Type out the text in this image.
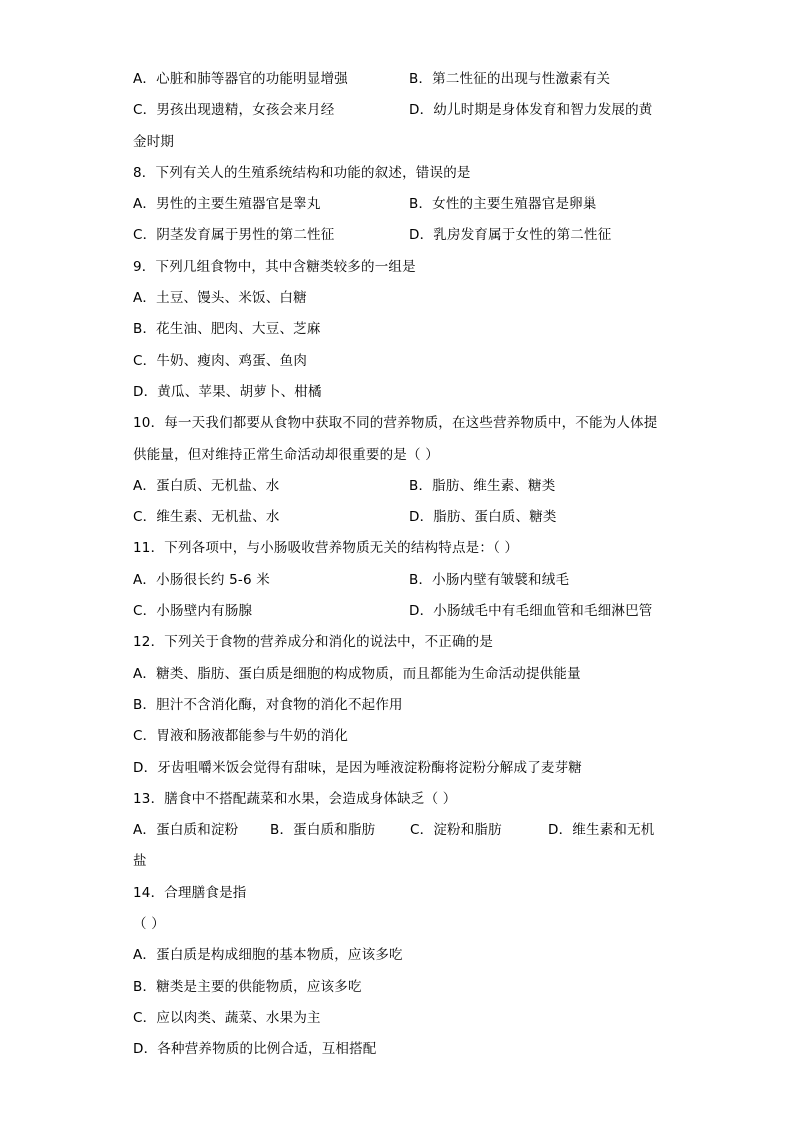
A．心脏和肺等器官的功能明显增强	B．第二性征的出现与性激素有关
C．男孩出现遗精，女孩会来月经	D．幼儿时期是身体发育和智力发展的黄
金时期
8．下列有关人的生殖系统结构和功能的叙述，错误的是
A．男性的主要生殖器官是睾丸	B．女性的主要生殖器官是卵巢
C．阴茎发育属于男性的第二性征	D．乳房发育属于女性的第二性征
9．下列几组食物中，其中含糖类较多的一组是
A．土豆、馒头、米饭、白糖
B．花生油、肥肉、大豆、芝麻
C．牛奶、瘦肉、鸡蛋、鱼肉
D．黄瓜、苹果、胡萝卜、柑橘
10．每一天我们都要从食物中获取不同的营养物质，在这些营养物质中，不能为人体提
供能量，但对维持正常生命活动却很重要的是（ ）
A．蛋白质、无机盐、水	B．脂肪、维生素、糖类
C．维生素、无机盐、水	D．脂肪、蛋白质、糖类
11．下列各项中，与小肠吸收营养物质无关的结构特点是：（ ）
A．小肠很长约 5-6 米	B．小肠内壁有皱襞和绒毛
C．小肠壁内有肠腺	D．小肠绒毛中有毛细血管和毛细淋巴管
12．下列关于食物的营养成分和消化的说法中，不正确的是
A．糖类、脂肪、蛋白质是细胞的构成物质，而且都能为生命活动提供能量
B．胆汁不含消化酶，对食物的消化不起作用
C．胃液和肠液都能参与牛奶的消化
D．牙齿咀嚼米饭会觉得有甜味，是因为唾液淀粉酶将淀粉分解成了麦芽糖
13．膳食中不搭配蔬菜和水果，会造成身体缺乏（ ）
A．蛋白质和淀粉	B．蛋白质和脂肪	C．淀粉和脂肪	D．维生素和无机
盐
14．合理膳食是指
（ ）
A．蛋白质是构成细胞的基本物质，应该多吃
B．糖类是主要的供能物质，应该多吃
C．应以肉类、蔬菜、水果为主
D．各种营养物质的比例合适，互相搭配
